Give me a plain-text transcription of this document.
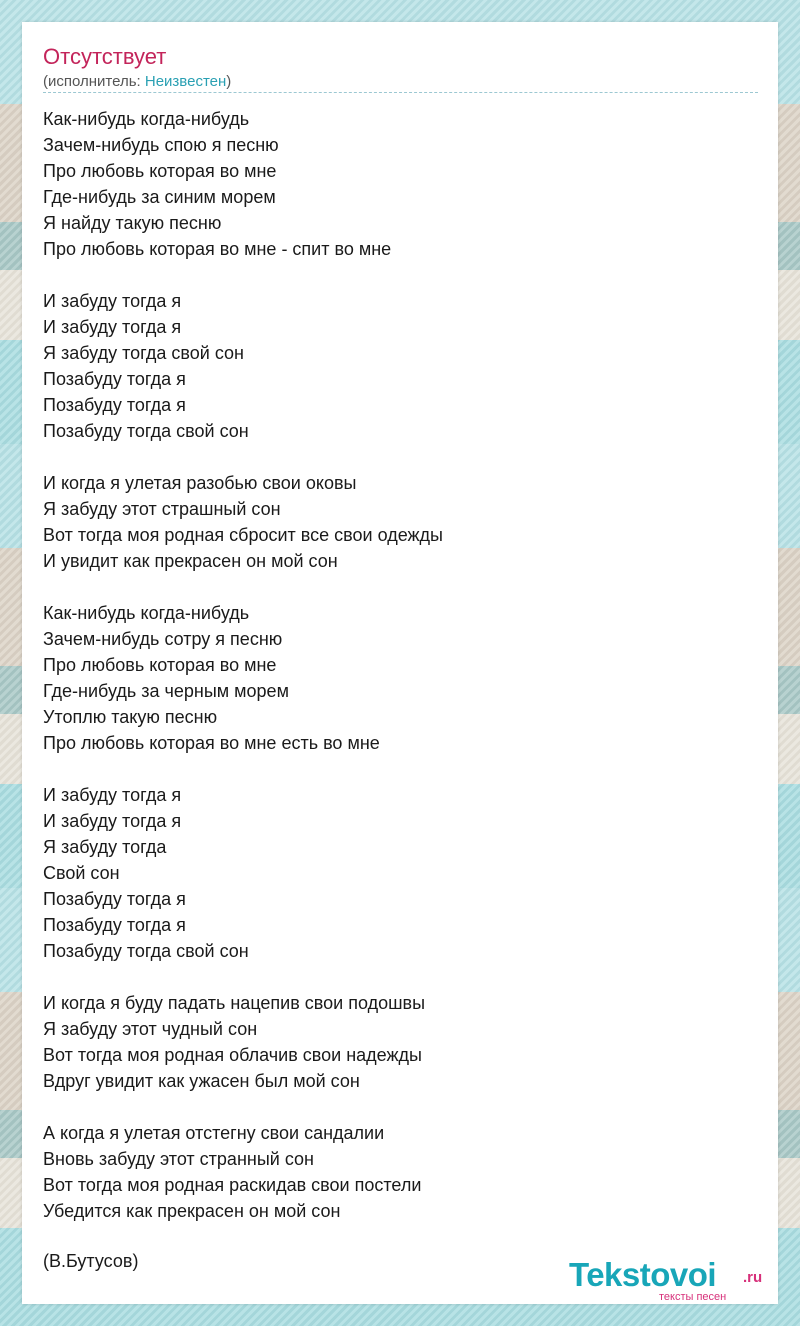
Отсутствует
(исполнитель: Неизвестен)
Как-нибудь когда-нибудь
Зачем-нибудь спою я песню
Про любовь которая во мне
Где-нибудь за синим морем
Я найду такую песню
Про любовь которая во мне - спит во мне
И забуду тогда я
И забуду тогда я
Я забуду тогда свой сон
Позабуду тогда я
Позабуду тогда я
Позабуду тогда свой сон
И когда я улетая разобью свои оковы
Я забуду этот страшный сон
Вот тогда моя родная сбросит все свои одежды
И увидит как прекрасен он мой сон
Как-нибудь когда-нибудь
Зачем-нибудь сотру я песню
Про любовь которая во мне
Где-нибудь за черным морем
Утоплю такую песню
Про любовь которая во мне есть во мне
И забуду тогда я
И забуду тогда я
Я забуду тогда
Свой сон
Позабуду тогда я
Позабуду тогда я
Позабуду тогда свой сон
И когда я буду падать нацепив свои подошвы
Я забуду этот чудный сон
Вот тогда моя родная облачив свои надежды
Вдруг увидит как ужасен был мой сон
А когда я улетая отстегну свои сандалии
Вновь забуду этот странный сон
Вот тогда моя родная раскидав свои постели
Убедится как прекрасен он мой сон
(В.Бутусов)	Tekstovoi .ru
тексты песен
